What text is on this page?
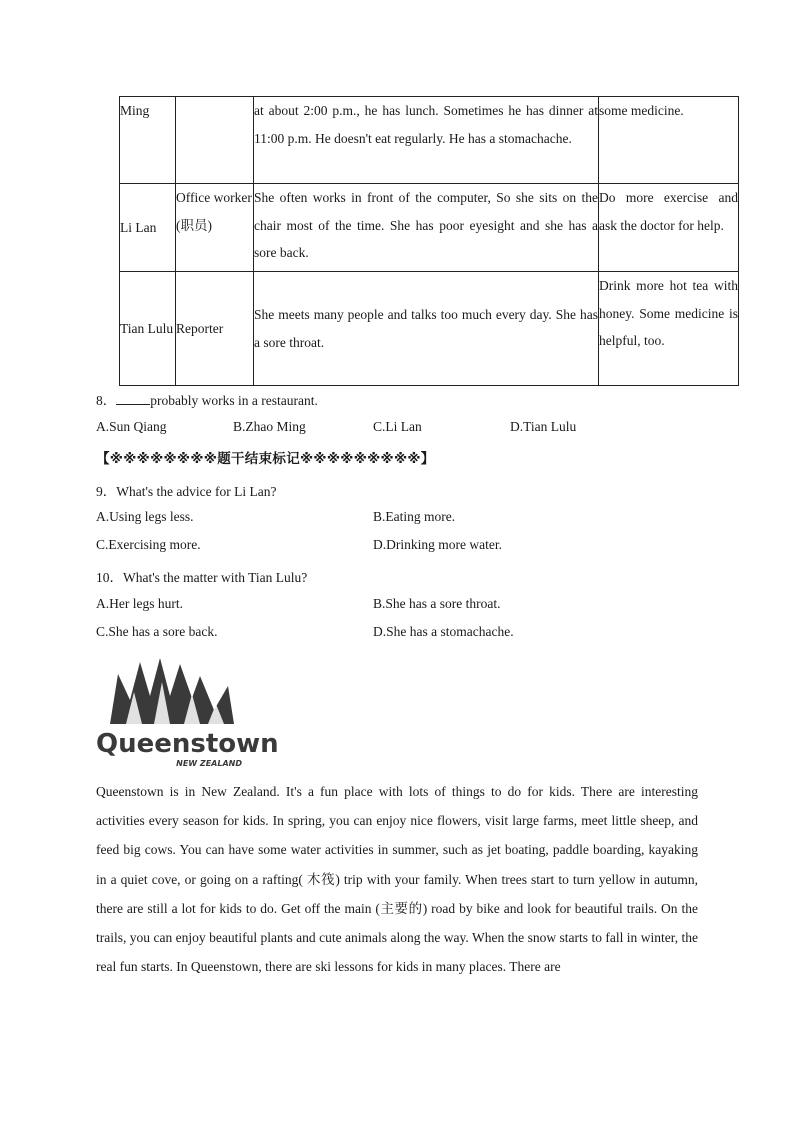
Ming		at about 2:00 p.m., he has lunch. Sometimes he has dinner at 11:00 p.m. He doesn't eat regularly. He has a stomachache.	some medicine.
Li Lan	Office worker (职员)	She often works in front of the computer, So she sits on the chair most of the time. She has poor eyesight and she has a sore back.	Do more exercise and ask the doctor for help.
Tian Lulu	Reporter	She meets many people and talks too much every day. She has a sore throat.	Drink more hot tea with honey. Some medicine is helpful, too.
8．	probably works in a restaurant.
A.Sun Qiang	B.Zhao Ming	C.Li Lan	D.Tian Lulu
【※※※※※※※※题干结束标记※※※※※※※※※】
9．What's the advice for Li Lan?
A.Using legs less.	B.Eating more.
C.Exercising more.	D.Drinking more water.
10．What's the matter with Tian Lulu?
A.Her legs hurt.	B.She has a sore throat.
C.She has a sore back.	D.She has a stomachache.
Queenstown
NEW ZEALAND
Queenstown is in New Zealand. It's a fun place with lots of things to do for kids. There are interesting activities every season for kids. In spring, you can enjoy nice flowers, visit large farms, meet little sheep, and feed big cows. You can have some water activities in summer, such as jet boating, paddle boarding, kayaking in a quiet cove, or going on a rafting( 木筏) trip with your family. When trees start to turn yellow in autumn, there are still a lot for kids to do. Get off the main (主要的) road by bike and look for beautiful trails. On the trails, you can enjoy beautiful plants and cute animals along the way. When the snow starts to fall in winter, the real fun starts. In Queenstown, there are ski lessons for kids in many places. There are
